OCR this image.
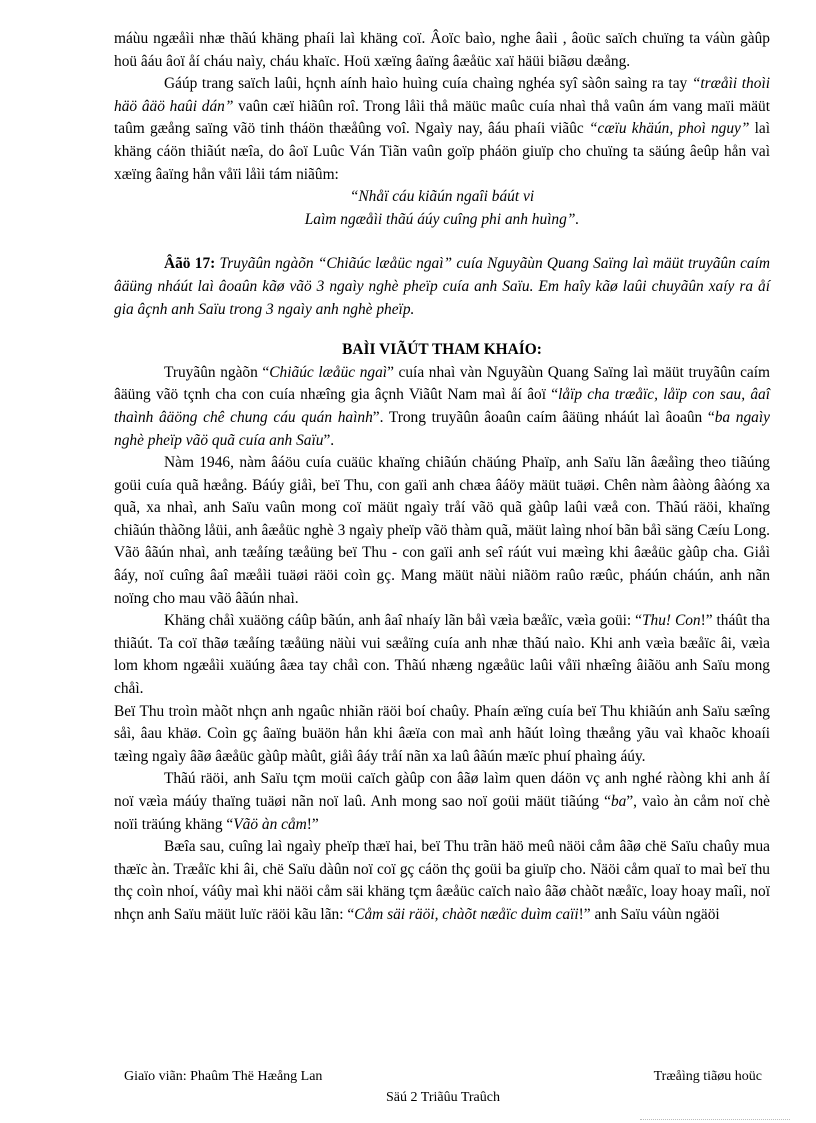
máùu ngæåìi nhæ thãú khäng phaíi laì khäng coï. Âoïc baìo, nghe âaìi , âoüc saïch chuïng ta váùn gàûp hoü âáu âoï åí cháu naìy, cháu khaïc. Hoü xæïng âaïng âæåüc xaï häüi biãøu dæång.

Gáúp trang saïch laûi, hçnh aính haìo huìng cuía chaìng nghéa syî sàôn saìng ra tay “træåìi thoìi häö âäö haûi dán” vaûn cæï hiãûn roî. Trong låìi thå mäüc maûc cuía nhaì thå vaûn ám vang maïi mäüt taûm gæång saïng vãö tinh tháön thæåûng voî. Ngaìy nay, âáu phaíi viãûc “cæïu khäún, phoì nguy” laì khäng cáön thiãút næîa, do âoï Luûc Ván Tiãn vaûn goïp pháön giuïp cho chuïng ta säúng âeûp hån vaì xæïng âaïng hån våïi låìi tám niãûm:

“Nhåï cáu kiãún ngaîi báút vi

Laìm ngæåìi thãú áúy cuîng phi anh huìng”.

Âãö 17: Truyãûn ngàõn “Chiãúc læåüc ngaì” cuía Nguyãùn Quang Saïng laì mäüt truyãûn caím âäüng nháút laì âoaûn kãø vãö 3 ngaìy nghè pheïp cuía anh Saïu. Em haîy kãø laûi chuyãûn xaíy ra åí gia âçnh anh Saïu trong 3 ngaìy anh nghè pheïp.

BAÌI VIÃÚT THAM KHAÍO:

Truyãûn ngàõn “Chiãúc læåüc ngaì” cuía nhaì vàn Nguyãùn Quang Saïng laì mäüt truyãûn caím âäüng vãö tçnh cha con cuía nhæîng gia âçnh Viãût Nam maì åí âoï “låïp cha træåïc, låïp con sau, âaî thaình âäöng chê chung cáu quán haình”. Trong truyãûn âoaûn caím âäüng nháút laì âoaûn “ba ngaìy nghè pheïp vãö quã cuía anh Saïu”.

Nàm 1946, nàm âáöu cuía cuäüc khaïng chiãún chäúng Phaïp, anh Saïu lãn âæåìng theo tiãúng goüi cuía quã hæång. Báúy giåì, beï Thu, con gaïi anh chæa âáöy mäüt tuäøi. Chên nàm âàòng âàóng xa quã, xa nhaì, anh Saïu vaûn mong coï mäüt ngaìy tråí vãö quã gàûp laûi væå con. Thãú räöi, khaïng chiãún thàõng låüi, anh âæåüc nghè 3 ngaìy pheïp vãö thàm quã, mäüt laìng nhoí bãn båì säng Cæíu Long. Vãö âãún nhaì, anh tæåíng tæåüng beï Thu - con gaïi anh seî ráút vui mæìng khi âæåüc gàûp cha. Giåì âáy, noï cuîng âaî mæåìi tuäøi räöi coìn gç. Mang mäüt näùi niãöm raûo ræûc, pháún cháún, anh nãn noïng cho mau vãö âãún nhaì.

Khäng chåì xuäöng cáûp bãún, anh âaî nhaíy lãn båì væìa bæåïc, væìa goüi: “Thu! Con!” tháût tha thiãút. Ta coï thãø tæåíng tæåüng näùi vui sæåïng cuía anh nhæ thãú naìo. Khi anh væìa bæåïc âi, væìa lom khom ngæåìi xuäúng âæa tay chåì con. Thãú nhæng ngæåüc laûi våïi nhæîng âiãöu anh Saïu mong chåì.

Beï Thu troìn màõt nhçn anh ngaûc nhiãn räöi boí chaûy. Phaín æïng cuía beï Thu khiãún anh Saïu sæîng såì, âau khäø. Coìn gç âaïng buäön hån khi âæïa con maì anh hãút loìng thæång yãu vaì khaõc khoaíi tæìng ngaìy âãø âæåüc gàûp màût, giåì âáy tråí nãn xa laû âãún mæïc phuí phaìng áúy.

Thãú räöi, anh Saïu tçm moüi caïch gàûp con âãø laìm quen dáön vç anh nghé ràòng khi anh åí noï væìa máúy thaïng tuäøi nãn noï laû. Anh mong sao noï goüi mäüt tiãúng “ba”, vaìo àn cåm noï chè noïi träúng khäng “Vãö àn cåm!”

Bæîa sau, cuîng laì ngaìy pheïp thæï hai, beï Thu trãn häö meû näöi cåm âãø chë Saïu chaûy mua thæïc àn. Træåïc khi âi, chë Saïu dàûn noï coï gç cáön thç goüi ba giuïp cho. Näöi cåm quaï to maì beï thu thç coìn nhoí, váûy maì khi näöi cåm säi khäng tçm âæåüc caïch naìo âãø chàõt næåïc, loay hoay maîi, noï nhçn anh Saïu mäüt luïc räöi kãu lãn: “Cåm säi räöi, chàõt næåïc duìm caïi!” anh Saïu váùn ngäöi

Giaïo viãn: Phaûm Thë Hæång Lan	Træåìng tiãøu hoüc
Säú 2 Triãûu Traûch
